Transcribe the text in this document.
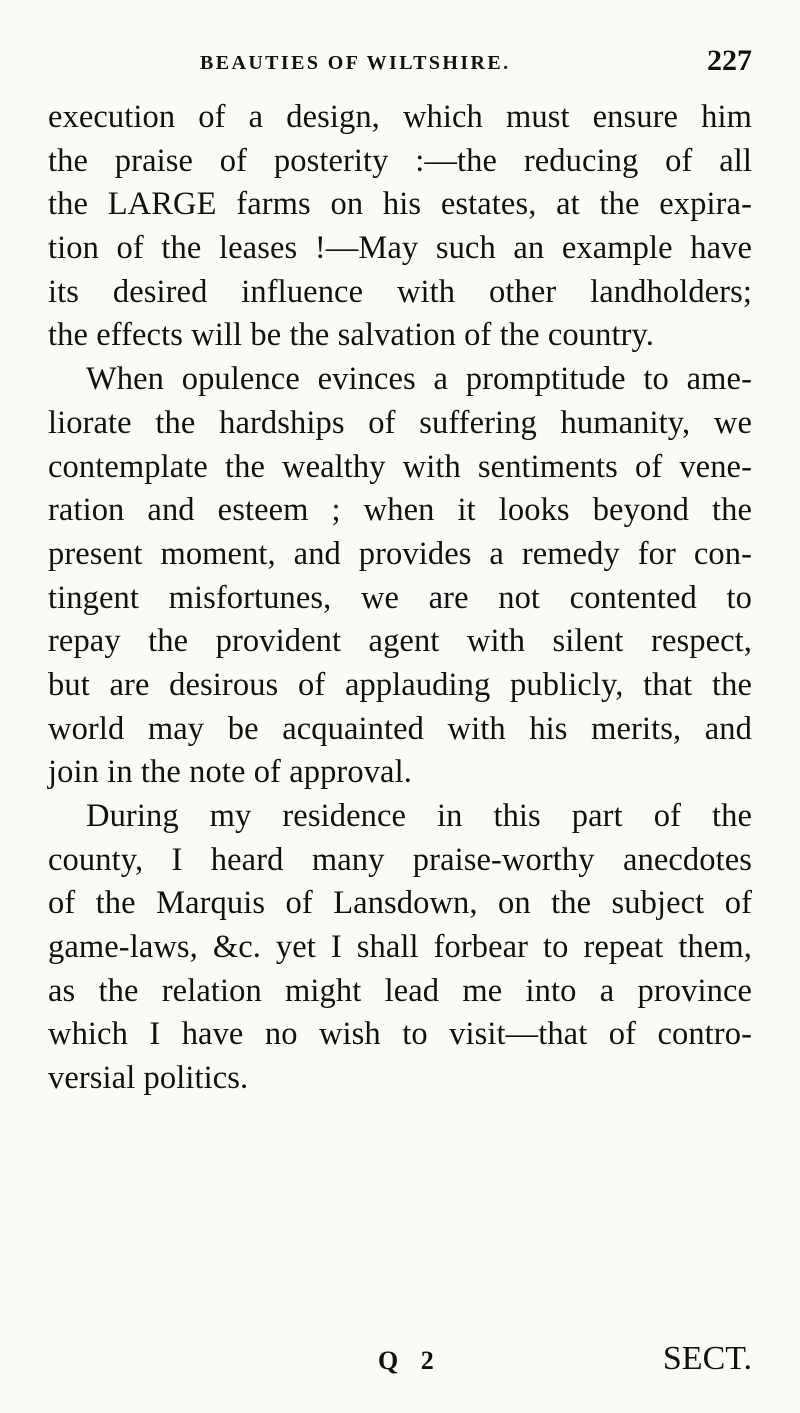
BEAUTIES OF WILTSHIRE.	227
execution of a design, which must ensure him
the praise of posterity :—the reducing of all
the LARGE farms on his estates, at the expira-
tion of the leases !—May such an example have
its desired influence with other landholders;
the effects will be the salvation of the country.
When opulence evinces a promptitude to ame-
liorate the hardships of suffering humanity, we
contemplate the wealthy with sentiments of vene-
ration and esteem ; when it looks beyond the
present moment, and provides a remedy for con-
tingent misfortunes, we are not contented to
repay the provident agent with silent respect,
but are desirous of applauding publicly, that the
world may be acquainted with his merits, and
join in the note of approval.
During my residence in this part of the
county, I heard many praise-worthy anecdotes
of the Marquis of Lansdown, on the subject of
game-laws, &c. yet I shall forbear to repeat them,
as the relation might lead me into a province
which I have no wish to visit—that of contro-
versial politics.
Q 2	SECT.
